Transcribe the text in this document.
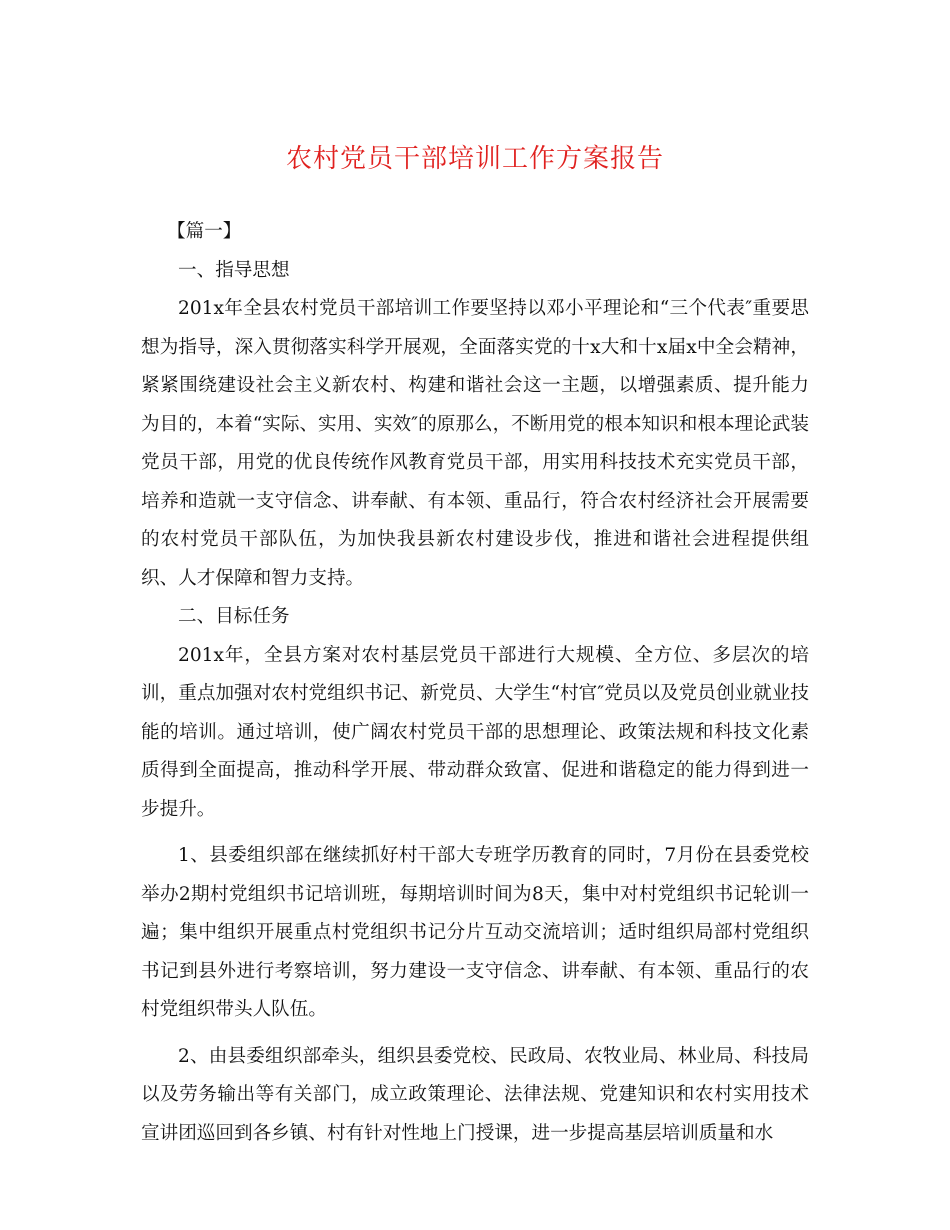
农村党员干部培训工作方案报告

【篇一】

一、指导思想

201x年全县农村党员干部培训工作要坚持以邓小平理论和“三个代表″重要思想为指导，深入贯彻落实科学开展观，全面落实党的十x大和十x届x中全会精神，紧紧围绕建设社会主义新农村、构建和谐社会这一主题，以增强素质、提升能力为目的，本着“实际、实用、实效″的原那么，不断用党的根本知识和根本理论武装党员干部，用党的优良传统作风教育党员干部，用实用科技技术充实党员干部，培养和造就一支守信念、讲奉献、有本领、重品行，符合农村经济社会开展需要的农村党员干部队伍，为加快我县新农村建设步伐，推进和谐社会进程提供组织、人才保障和智力支持。

二、目标任务

201x年，全县方案对农村基层党员干部进行大规模、全方位、多层次的培训，重点加强对农村党组织书记、新党员、大学生“村官″党员以及党员创业就业技能的培训。通过培训，使广阔农村党员干部的思想理论、政策法规和科技文化素质得到全面提高，推动科学开展、带动群众致富、促进和谐稳定的能力得到进一步提升。

1、县委组织部在继续抓好村干部大专班学历教育的同时，7月份在县委党校举办2期村党组织书记培训班，每期培训时间为8天，集中对村党组织书记轮训一遍；集中组织开展重点村党组织书记分片互动交流培训；适时组织局部村党组织书记到县外进行考察培训，努力建设一支守信念、讲奉献、有本领、重品行的农村党组织带头人队伍。

2、由县委组织部牵头，组织县委党校、民政局、农牧业局、林业局、科技局以及劳务输出等有关部门，成立政策理论、法律法规、党建知识和农村实用技术宣讲团巡回到各乡镇、村有针对性地上门授课，进一步提高基层培训质量和水
